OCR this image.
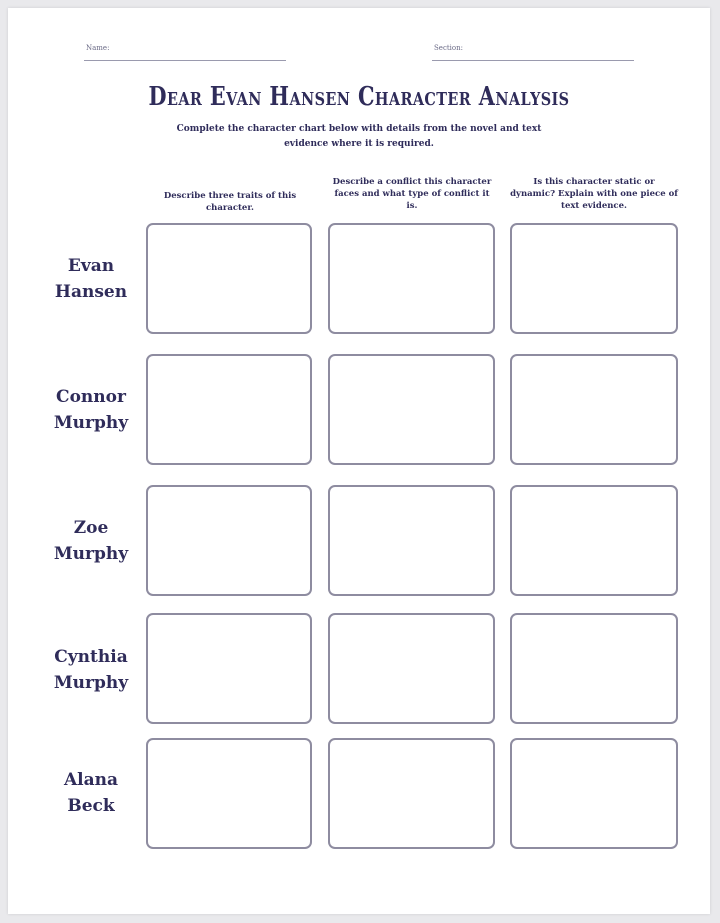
Name:	Section:
Dear Evan Hansen Character Analysis
Complete the character chart below with details from the novel and text evidence where it is required.
Describe three traits of this character.
Describe a conflict this character faces and what type of conflict it is.
Is this character static or dynamic? Explain with one piece of text evidence.
Evan
Hansen
Connor
Murphy
Zoe
Murphy
Cynthia
Murphy
Alana
Beck
